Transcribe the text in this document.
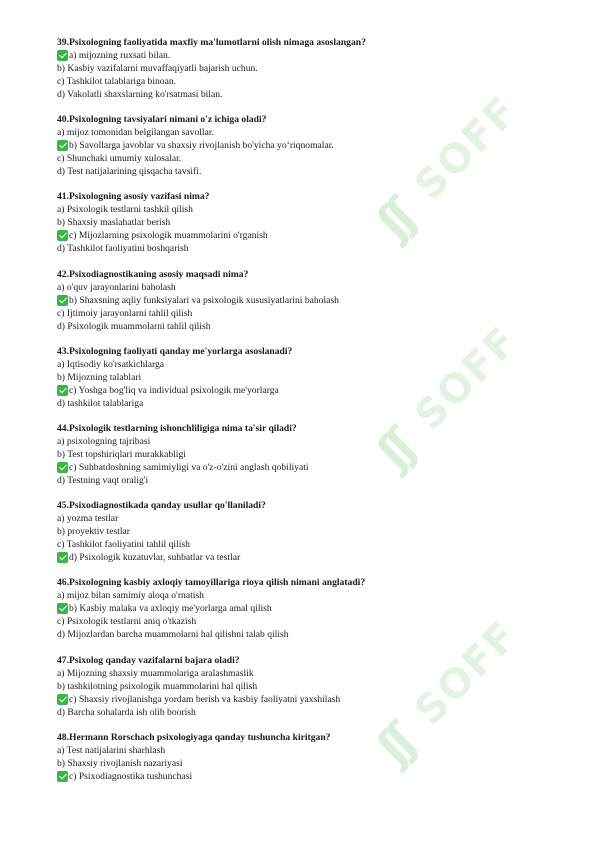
ʃʃ
SOFF
ʃʃ
SOFF
ʃʃ
SOFF
39.Psixologning faoliyatida maxfiy ma'lumotlarni olish nimaga asoslangan?
a) mijozning ruxsati bilan.
b) Kasbiy vazifalarni muvaffaqiyatli bajarish uchun.
c) Tashkilot talablariga binoan.
d) Vakolatli shaxslarning ko'rsatmasi bilan.
40.Psixologning tavsiyalari nimani o'z ichiga oladi?
a) mijoz tomonidan belgilangan savollar.
b) Savollarga javoblar va shaxsiy rivojlanish bo'yicha yo‘riqnomalar.
c) Shunchaki umumiy xulosalar.
d) Test natijalarining qisqacha tavsifi.
41.Psixologning asosiy vazifasi nima?
a) Psixologik testlarni tashkil qilish
b) Shaxsiy maslahatlar berish
c) Mijozlarning psixologik muammolarini o'rganish
d) Tashkilot faoliyatini boshqarish
42.Psixodiagnostikaning asosiy maqsadi nima?
a) o'quv jarayonlarini baholash
b) Shaxsning aqliy funksiyalari va psixologik xususiyatlarini baholash
c) Ijtimoiy jarayonlarni tahlil qilish
d) Psixologik muammolarni tahlil qilish
43.Psixologning faoliyati qanday me'yorlarga asoslanadi?
a) Iqtisodiy ko'rsatkichlarga
b) Mijozning talablari
c) Yoshga bog'liq va individual psixologik me'yorlarga
d) tashkilot talablariga
44.Psixologik testlarning ishonchliligiga nima ta'sir qiladi?
a) psixologning tajribasi
b) Test topshiriqlari murakkabligi
c) Suhbatdoshning samimiyligi va o'z-o'zini anglash qobiliyati
d) Testning vaqt oralig'i
45.Psixodiagnostikada qanday usullar qo'llaniladi?
a) yozma testlar
b) proyektiv testlar
c) Tashkilot faoliyatini tahlil qilish
d) Psixologik kuzatuvlar, suhbatlar va testlar
46.Psixologning kasbiy axloqiy tamoyillariga rioya qilish nimani anglatadi?
a) mijoz bilan samimiy aloqa o'rnatish
b) Kasbiy malaka va axloqiy me'yorlarga amal qilish
c) Psixologik testlarni aniq o'tkazish
d) Mijozlardan barcha muammolarni hal qilishni talab qilish
47.Psixolog qanday vazifalarni bajara oladi?
a) Mijozning shaxsiy muammolariga aralashmaslik
b) tashkilotning psixologik muammolarini hal qilish
c) Shaxsiy rivojlanishga yordam berish va kasbiy faoliyatni yaxshilash
d) Barcha sohalarda ish olib boorish
48.Hermann Rorschach psixologiyaga qanday tushuncha kiritgan?
a) Test natijalarini sharhlash
b) Shaxsiy rivojlanish nazariyasi
c) Psixodiagnostika tushunchasi
